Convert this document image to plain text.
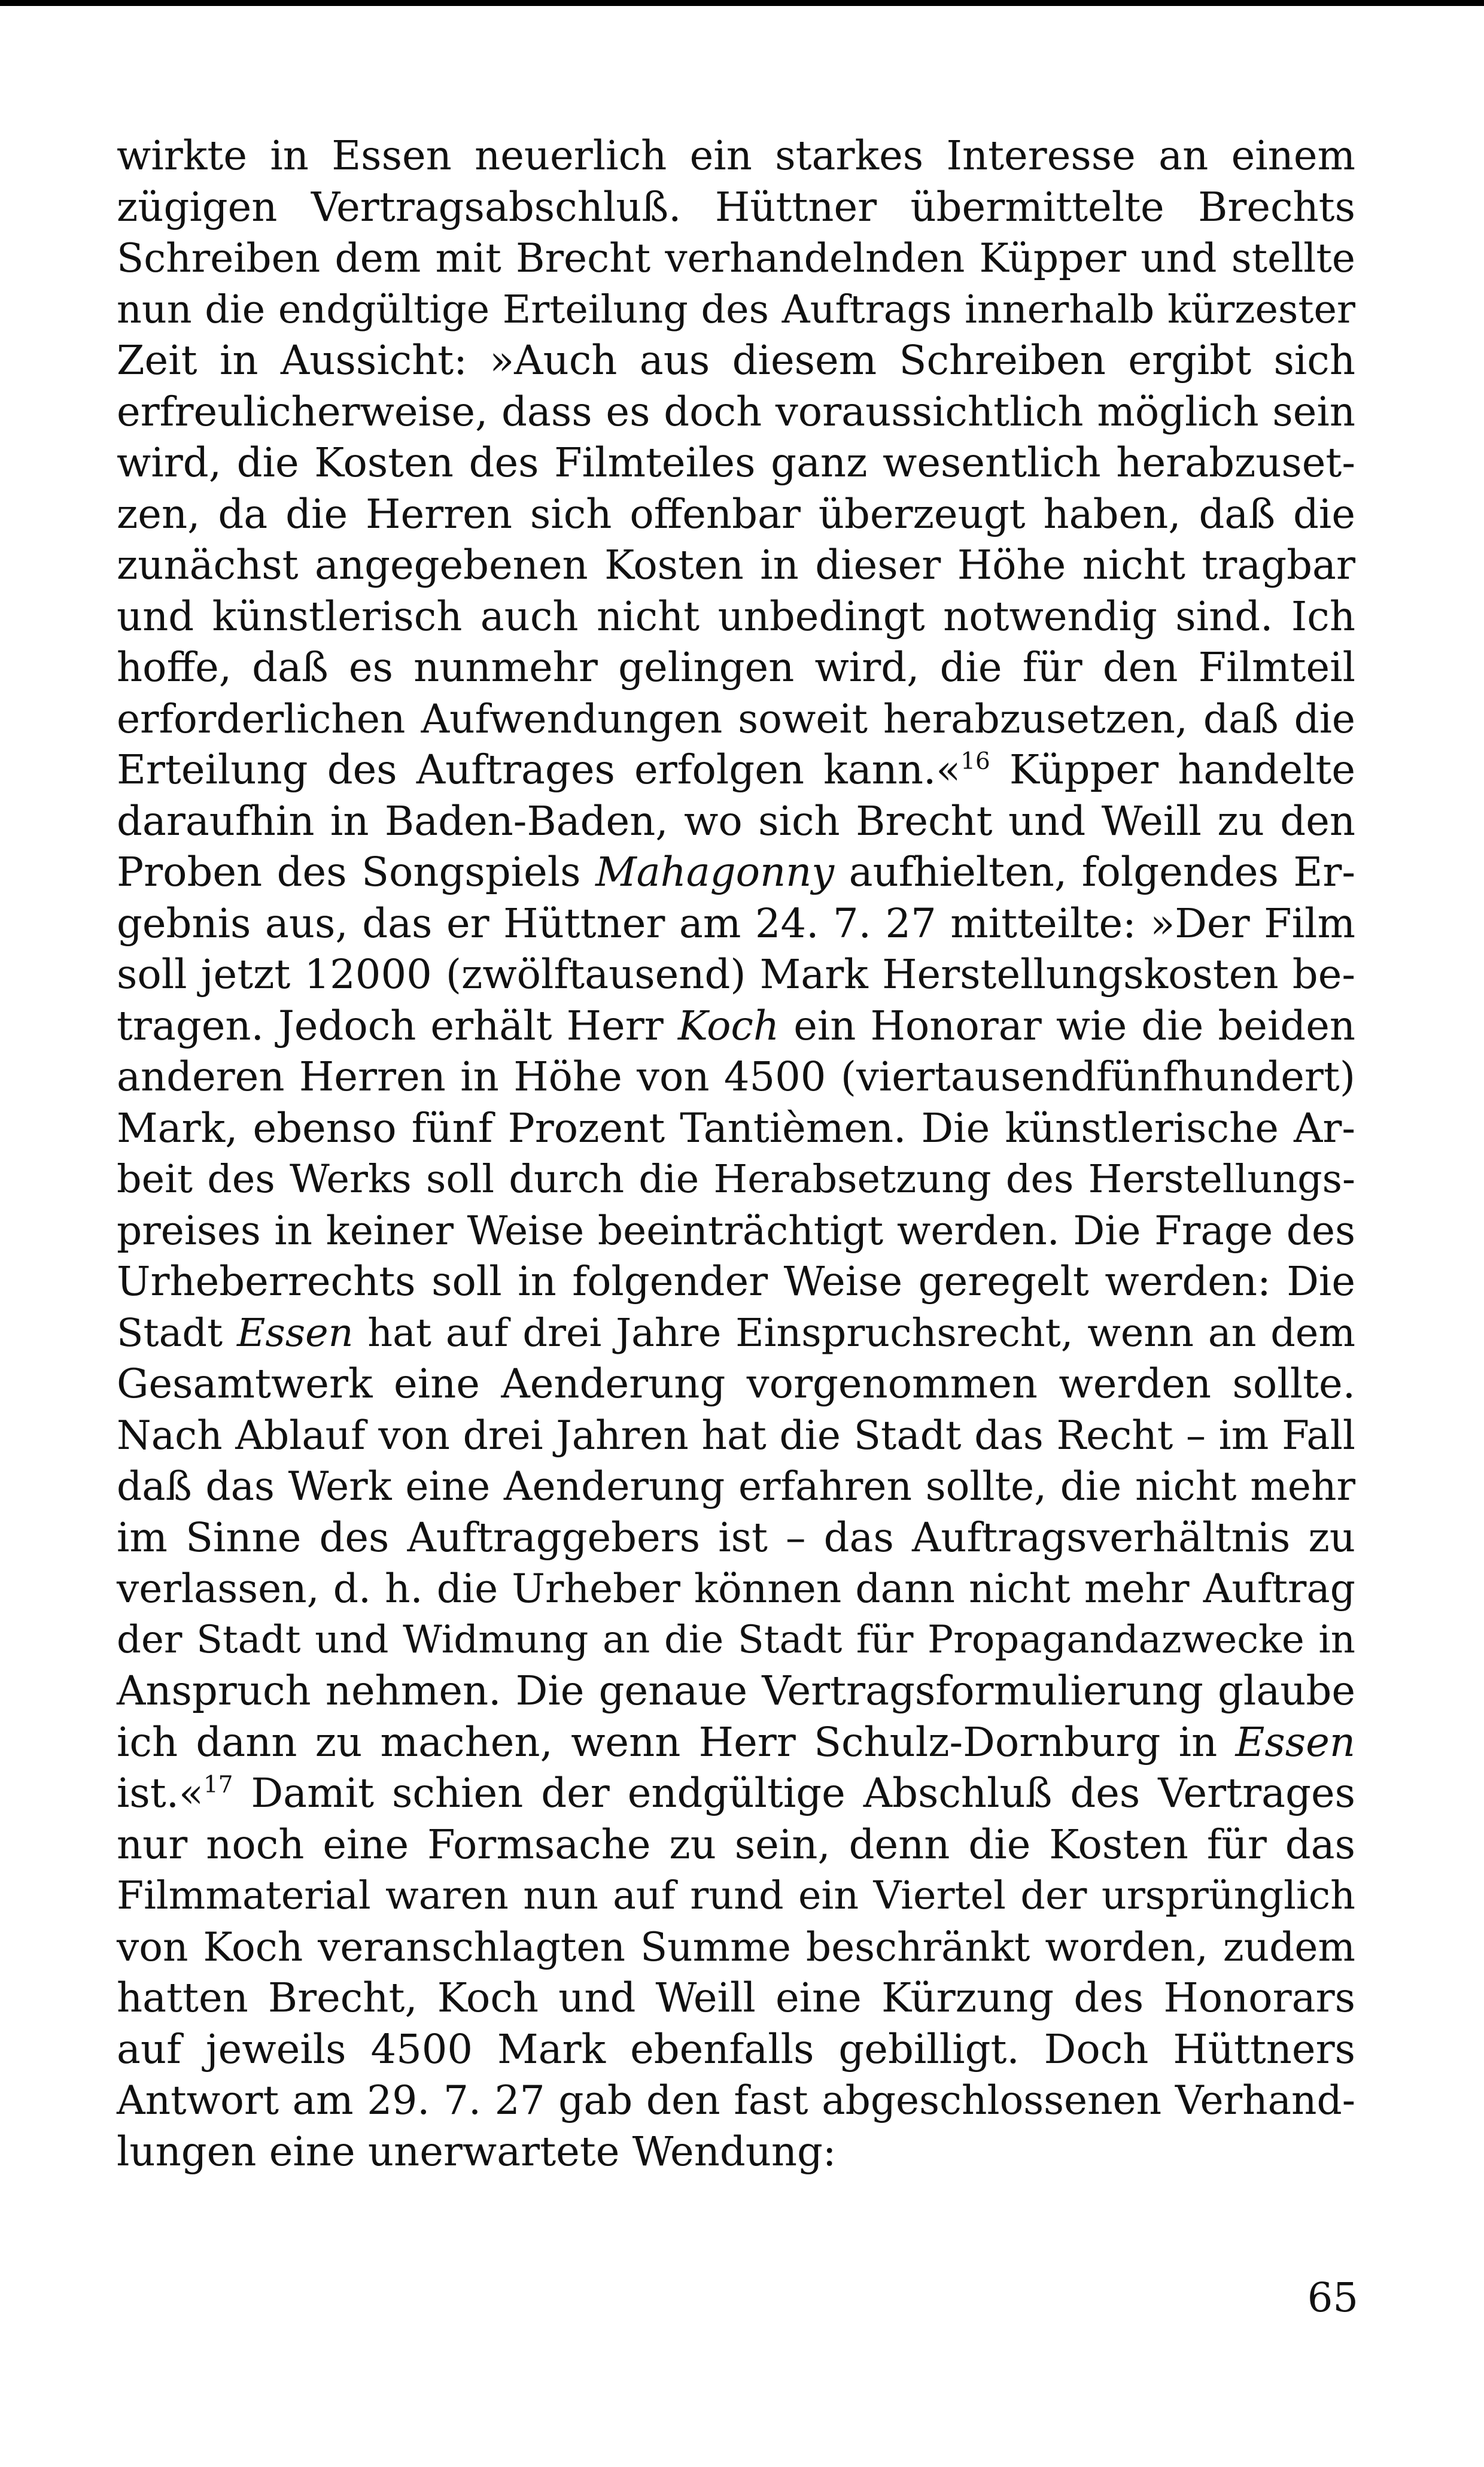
wirkte in Essen neuerlich ein starkes Interesse an einem
zügigen Vertragsabschluß. Hüttner übermittelte Brechts
Schreiben dem mit Brecht verhandelnden Küpper und stellte
nun die endgültige Erteilung des Auftrags innerhalb kürzester
Zeit in Aussicht: »Auch aus diesem Schreiben ergibt sich
erfreulicherweise, dass es doch voraussichtlich möglich sein
wird, die Kosten des Filmteiles ganz wesentlich herabzuset-
zen, da die Herren sich offenbar überzeugt haben, daß die
zunächst angegebenen Kosten in dieser Höhe nicht tragbar
und künstlerisch auch nicht unbedingt notwendig sind. Ich
hoffe, daß es nunmehr gelingen wird, die für den Filmteil
erforderlichen Aufwendungen soweit herabzusetzen, daß die
Erteilung des Auftrages erfolgen kann.«$^{16}$ Küpper handelte
daraufhin in Baden-Baden, wo sich Brecht und Weill zu den
Proben des Songspiels Mahagonny aufhielten, folgendes Er-
gebnis aus, das er Hüttner am 24. 7. 27 mitteilte: »Der Film
soll jetzt 12000 (zwölftausend) Mark Herstellungskosten be-
tragen. Jedoch erhält Herr Koch ein Honorar wie die beiden
anderen Herren in Höhe von 4500 (viertausendfünfhundert)
Mark, ebenso fünf Prozent Tantièmen. Die künstlerische Ar-
beit des Werks soll durch die Herabsetzung des Herstellungs-
preises in keiner Weise beeinträchtigt werden. Die Frage des
Urheberrechts soll in folgender Weise geregelt werden: Die
Stadt Essen hat auf drei Jahre Einspruchsrecht, wenn an dem
Gesamtwerk eine Aenderung vorgenommen werden sollte.
Nach Ablauf von drei Jahren hat die Stadt das Recht – im Fall
daß das Werk eine Aenderung erfahren sollte, die nicht mehr
im Sinne des Auftraggebers ist – das Auftragsverhältnis zu
verlassen, d. h. die Urheber können dann nicht mehr Auftrag
der Stadt und Widmung an die Stadt für Propagandazwecke in
Anspruch nehmen. Die genaue Vertragsformulierung glaube
ich dann zu machen, wenn Herr Schulz-Dornburg in Essen
ist.«$^{17}$ Damit schien der endgültige Abschluß des Vertrages
nur noch eine Formsache zu sein, denn die Kosten für das
Filmmaterial waren nun auf rund ein Viertel der ursprünglich
von Koch veranschlagten Summe beschränkt worden, zudem
hatten Brecht, Koch und Weill eine Kürzung des Honorars
auf jeweils 4500 Mark ebenfalls gebilligt. Doch Hüttners
Antwort am 29. 7. 27 gab den fast abgeschlossenen Verhand-
lungen eine unerwartete Wendung:
65
